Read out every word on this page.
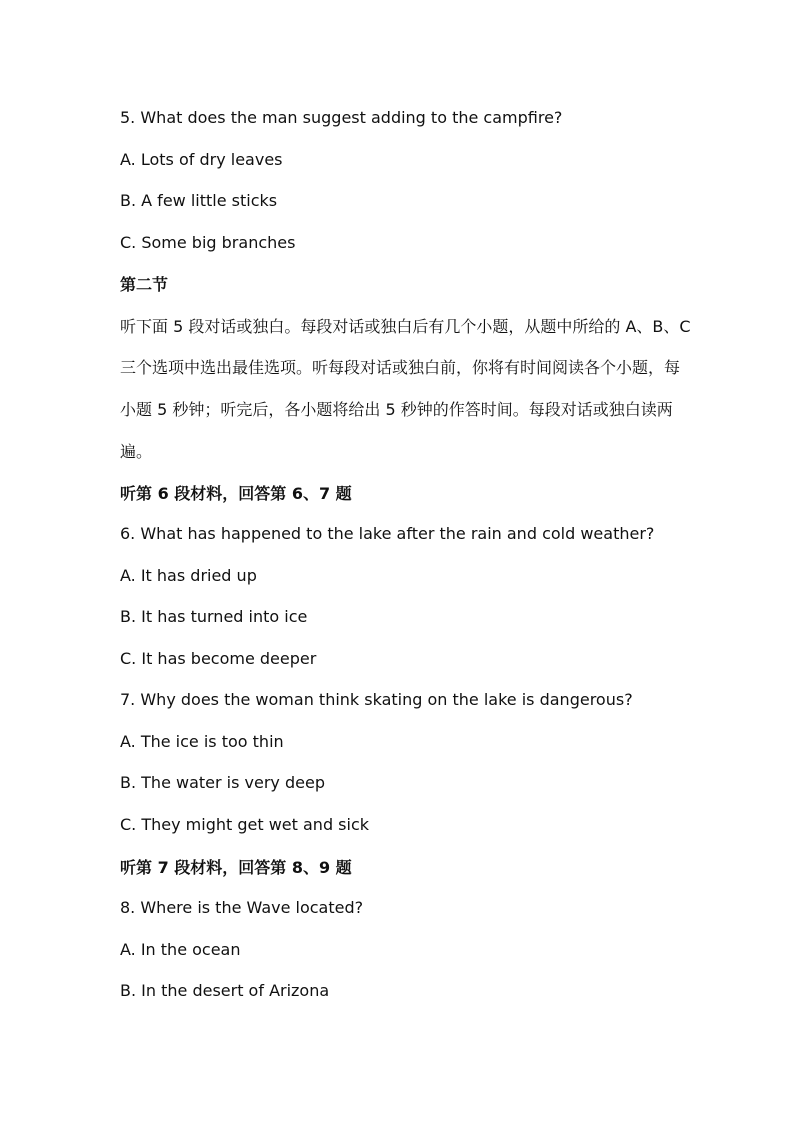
5. What does the man suggest adding to the campfire?
A. Lots of dry leaves
B. A few little sticks
C. Some big branches
第二节
听下面 5 段对话或独白。每段对话或独白后有几个小题，从题中所给的 A、B、C
三个选项中选出最佳选项。听每段对话或独白前，你将有时间阅读各个小题，每
小题 5 秒钟；听完后，各小题将给出 5 秒钟的作答时间。每段对话或独白读两
遍。
听第 6 段材料，回答第 6、7 题
6. What has happened to the lake after the rain and cold weather?
A. It has dried up
B. It has turned into ice
C. It has become deeper
7. Why does the woman think skating on the lake is dangerous?
A. The ice is too thin
B. The water is very deep
C. They might get wet and sick
听第 7 段材料，回答第 8、9 题
8. Where is the Wave located?
A. In the ocean
B. In the desert of Arizona
